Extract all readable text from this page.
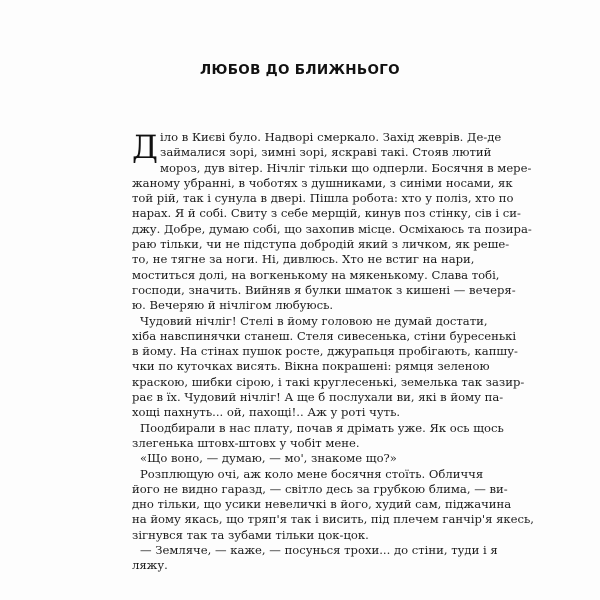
ЛЮБОВ ДО БЛИЖНЬОГО
Д іло в Києві було. Надворі смеркало. Захід жеврів. Де-де
займалися зорі, зимні зорі, яскраві такі. Стояв лютий
мороз, дув вітер. Нічліг тільки що одперли. Босячня в мере-
жаному убранні, в чоботях з душниками, з синіми носами, як
той рій, так і сунула в двері. Пішла робота: хто у поліз, хто по
нарах. Я й собі. Свиту з себе мерщій, кинув поз стінку, сів і си-
джу. Добре, думаю собі, що захопив місце. Осміхаюсь та позира-
раю тільки, чи не підступа добродій який з личком, як реше-
то, не тягне за ноги. Ні, дивлюсь. Хто не встиг на нари,
моститься долі, на вогкенькому на мякенькому. Слава тобі,
господи, значить. Вийняв я булки шматок з кишені — вечеря-
ю. Вечеряю й нічлігом любуюсь.
Чудовий нічліг! Стелі в йому головою не думай достати,
хіба навспинячки станеш. Стеля сивесенька, стіни буресенькі
в йому. На стінах пушок росте, джурапьця пробігають, капшу-
чки по куточках висять. Вікна покрашені: рямця зеленою
краскою, шибки сірою, і такі круглесенькі, земелька так зазир-
рає в їх. Чудовий нічліг! А ще б послухали ви, які в йому па-
хощі пахнуть... ой, пахощі!.. Аж у роті чуть.
Поодбирали в нас плату, почав я дрімать уже. Як ось щось
злегенька штовх-штовх у чобіт мене.
«Що воно, — думаю, — мо', знакоме що?»
Розплющую очі, аж коло мене босячня стоїть. Обличчя
його не видно гаразд, — світло десь за грубкою блима, — ви-
дно тільки, що усики невеличкі в його, худий сам, піджачина
на йому якась, що тряп'я так і висить, під плечем ганчір'я якесь,
зігнувся так та зубами тільки цок-цок.
— Земляче, — каже, — посунься трохи... до стіни, туди і я
ляжу.
